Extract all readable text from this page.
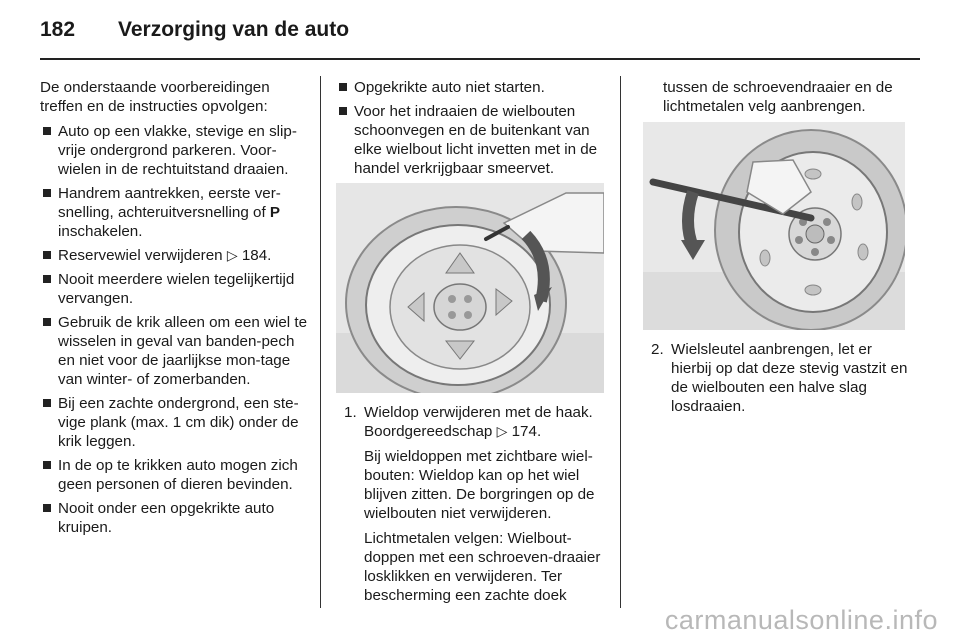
182 Verzorging van de auto

De onderstaande voorbereidingen treffen en de instructies opvolgen:

Auto op een vlakke, stevige en slip-vrije ondergrond parkeren. Voor-wielen in de rechtuitstand draaien.
Handrem aantrekken, eerste ver-snelling, achteruitversnelling of P inschakelen.
Reservewiel verwijderen ▷ 184.
Nooit meerdere wielen tegelijkertijd vervangen.
Gebruik de krik alleen om een wiel te wisselen in geval van banden-pech en niet voor de jaarlijkse mon-tage van winter- of zomerbanden.
Bij een zachte ondergrond, een ste-vige plank (max. 1 cm dik) onder de krik leggen.
In de op te krikken auto mogen zich geen personen of dieren bevinden.
Nooit onder een opgekrikte auto kruipen.
Opgekrikte auto niet starten.
Voor het indraaien de wielbouten schoonvegen en de buitenkant van elke wielbout licht invetten met in de handel verkrijgbaar smeervet.
1. Wieldop verwijderen met de haak. Boordgereedschap ▷ 174.

Bij wieldoppen met zichtbare wiel-bouten: Wieldop kan op het wiel blijven zitten. De borgringen op de wielbouten niet verwijderen.

Lichtmetalen velgen: Wielbout-doppen met een schroeven-draaier losklikken en verwijderen. Ter bescherming een zachte doek

tussen de schroevendraaier en de lichtmetalen velg aanbrengen.

2. Wielsleutel aanbrengen, let er hierbij op dat deze stevig vastzit en de wielbouten een halve slag losdraaien.
carmanualsonline.info
